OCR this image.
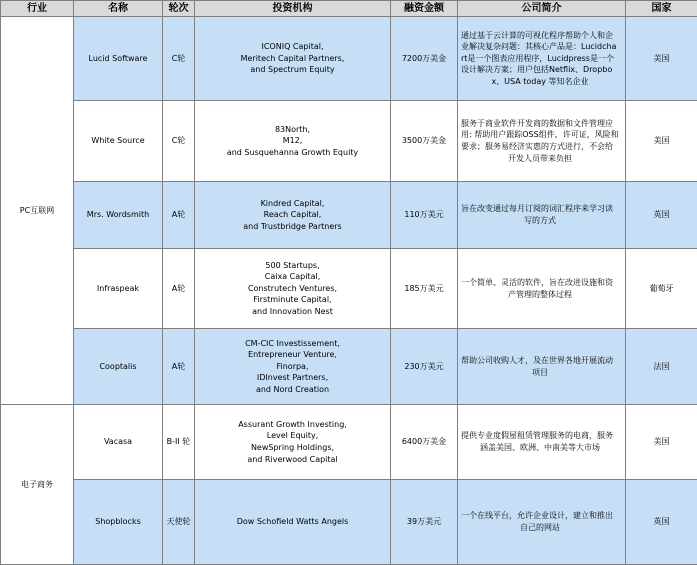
行业	名称	轮次	投资机构	融资金额	公司简介	国家
PC互联网	Lucid Software	C轮	ICONIQ Capital,
Meritech Capital Partners,
and Spectrum Equity	7200万美金	通过基于云计算的可视化程序帮助个人和企业解决复杂问题：其核心产品是：Lucidchart是一个图表应用程序，Lucidpress是一个设计解决方案；用户包括Netflix、Dropbox、USA today 等知名企业	美国
	White Source	C轮	83North,
M12,
and Susquehanna Growth Equity	3500万美金	服务于商业软件开发商的数据和文件管理应用: 帮助用户跟踪OSS组件，许可证，风险和要求；服务易经济实惠的方式进行，不会给开发人员带来负担	美国
	Mrs. Wordsmith	A轮	Kindred Capital,
Reach Capital,
and Trustbridge Partners	110万美元	旨在改变通过每月订阅的词汇程序来学习读写的方式	英国
	Infraspeak	A轮	500 Startups,
Caixa Capital,
Construtech Ventures,
Firstminute Capital,
and Innovation Nest	185万美元	一个简单、灵活的软件，旨在改进设施和资产管理的整体过程	葡萄牙
	Cooptalis	A轮	CM-CIC Investissement,
Entrepreneur Venture,
Finorpa,
IDInvest Partners,
and Nord Creation	230万美元	帮助公司收购人才，及在世界各地开展流动项目	法国
电子商务	Vacasa	B-II 轮	Assurant Growth Investing,
Level Equity,
NewSpring Holdings,
and Riverwood Capital	6400万美金	提供专业度假屋租赁管理服务的电商，服务涵盖美国、欧洲、中南美等大市场	美国
	Shopblocks	天使轮	Dow Schofield Watts Angels	39万美元	一个在线平台，允许企业设计，建立和推出自己的网站	英国
